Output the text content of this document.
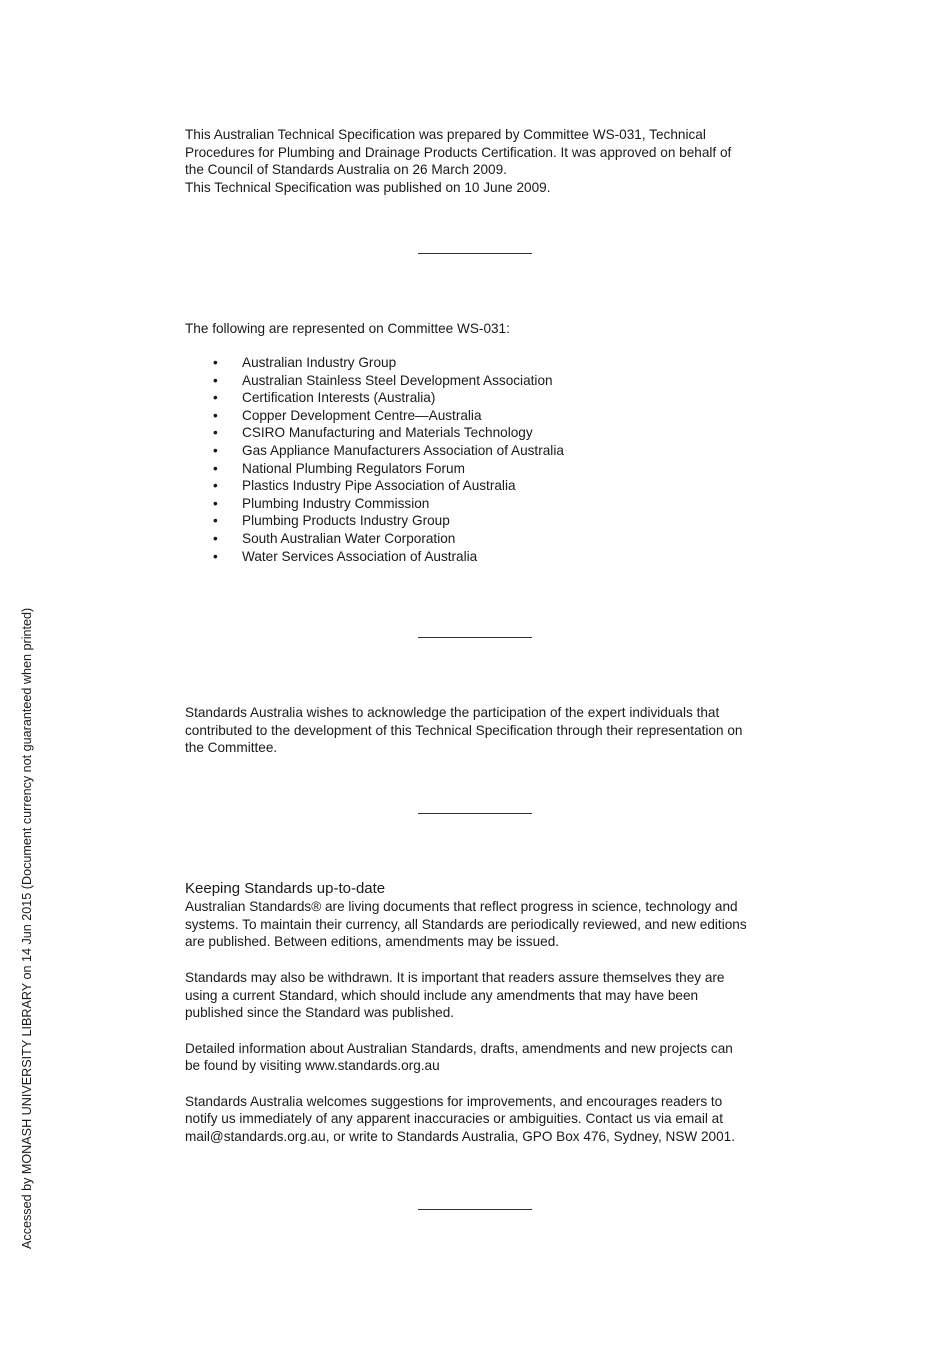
This Australian Technical Specification was prepared by Committee WS-031, Technical

Procedures for Plumbing and Drainage Products Certification. It was approved on behalf of

the Council of Standards Australia on 26 March 2009.

This Technical Specification was published on 10 June 2009.

The following are represented on Committee WS-031:

• Australian Industry Group
• Australian Stainless Steel Development Association
• Certification Interests (Australia)
• Copper Development Centre—Australia
• CSIRO Manufacturing and Materials Technology
• Gas Appliance Manufacturers Association of Australia
• National Plumbing Regulators Forum
• Plastics Industry Pipe Association of Australia
• Plumbing Industry Commission
• Plumbing Products Industry Group
• South Australian Water Corporation
• Water Services Association of Australia

Standards Australia wishes to acknowledge the participation of the expert individuals that

contributed to the development of this Technical Specification through their representation on

the Committee.

Keeping Standards up-to-date

Australian Standards® are living documents that reflect progress in science, technology and

systems. To maintain their currency, all Standards are periodically reviewed, and new editions

are published. Between editions, amendments may be issued.

Standards may also be withdrawn. It is important that readers assure themselves they are

using a current Standard, which should include any amendments that may have been

published since the Standard was published.

Detailed information about Australian Standards, drafts, amendments and new projects can

be found by visiting www.standards.org.au

Standards Australia welcomes suggestions for improvements, and encourages readers to

notify us immediately of any apparent inaccuracies or ambiguities. Contact us via email at

mail@standards.org.au, or write to Standards Australia, GPO Box 476, Sydney, NSW 2001.

Accessed by MONASH UNIVERSITY LIBRARY on 14 Jun 2015 (Document currency not guaranteed when printed)
